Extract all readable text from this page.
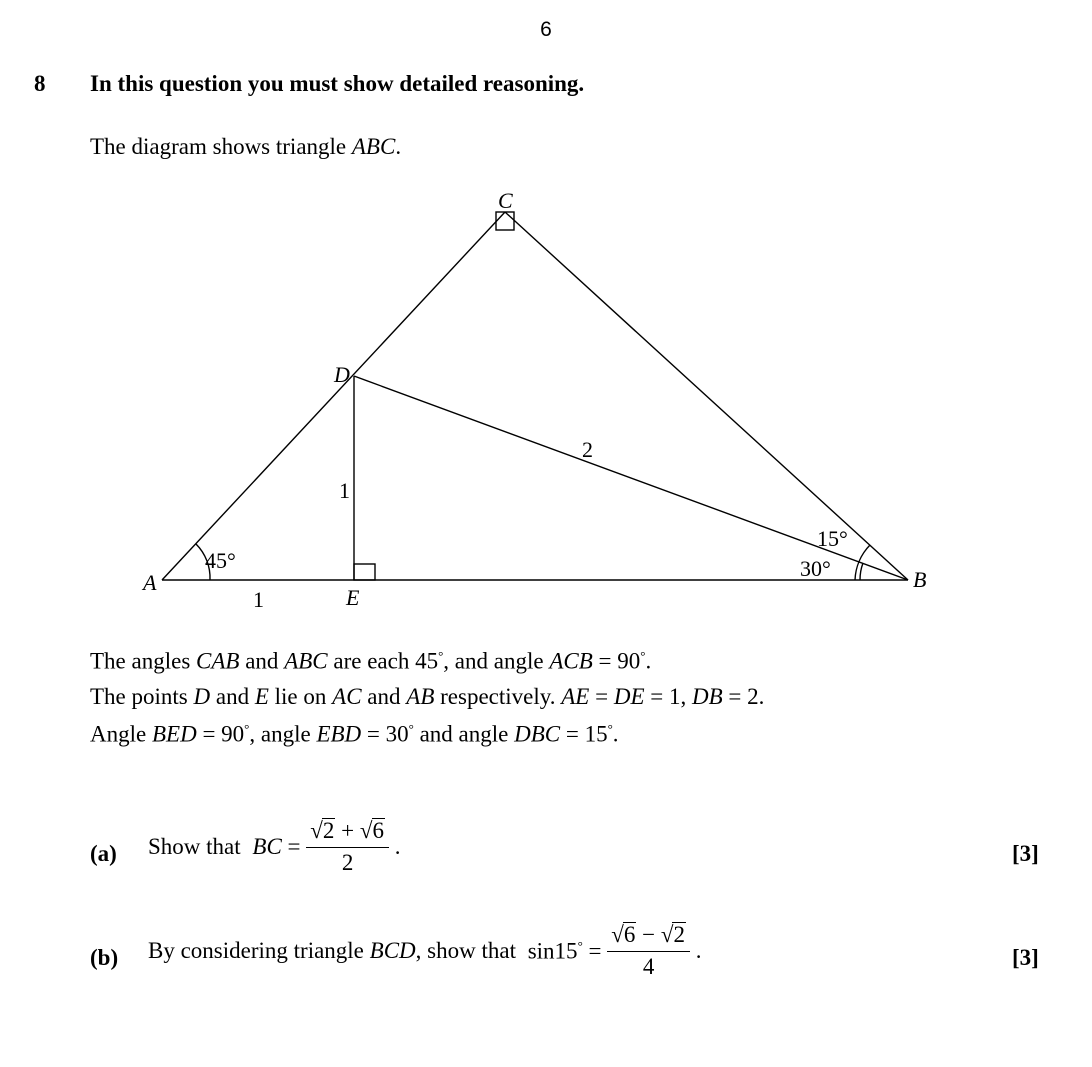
6
8 In this question you must show detailed reasoning.
The diagram shows triangle ABC.
C
D
A	B
E
1
1
2
45°
15°
30°
The angles CAB and ABC are each 45°, and angle ACB = 90°.
The points D and E lie on AC and AB respectively. AE = DE = 1, DB = 2.
Angle BED = 90°, angle EBD = 30° and angle DBC = 15°.
(a) Show that BC = $\frac{√2 + √6}{2}$ .	[3]
(b) By considering triangle BCD, show that $\sin 15^\circ = \frac{√6 - √2}{4}$ .	[3]
